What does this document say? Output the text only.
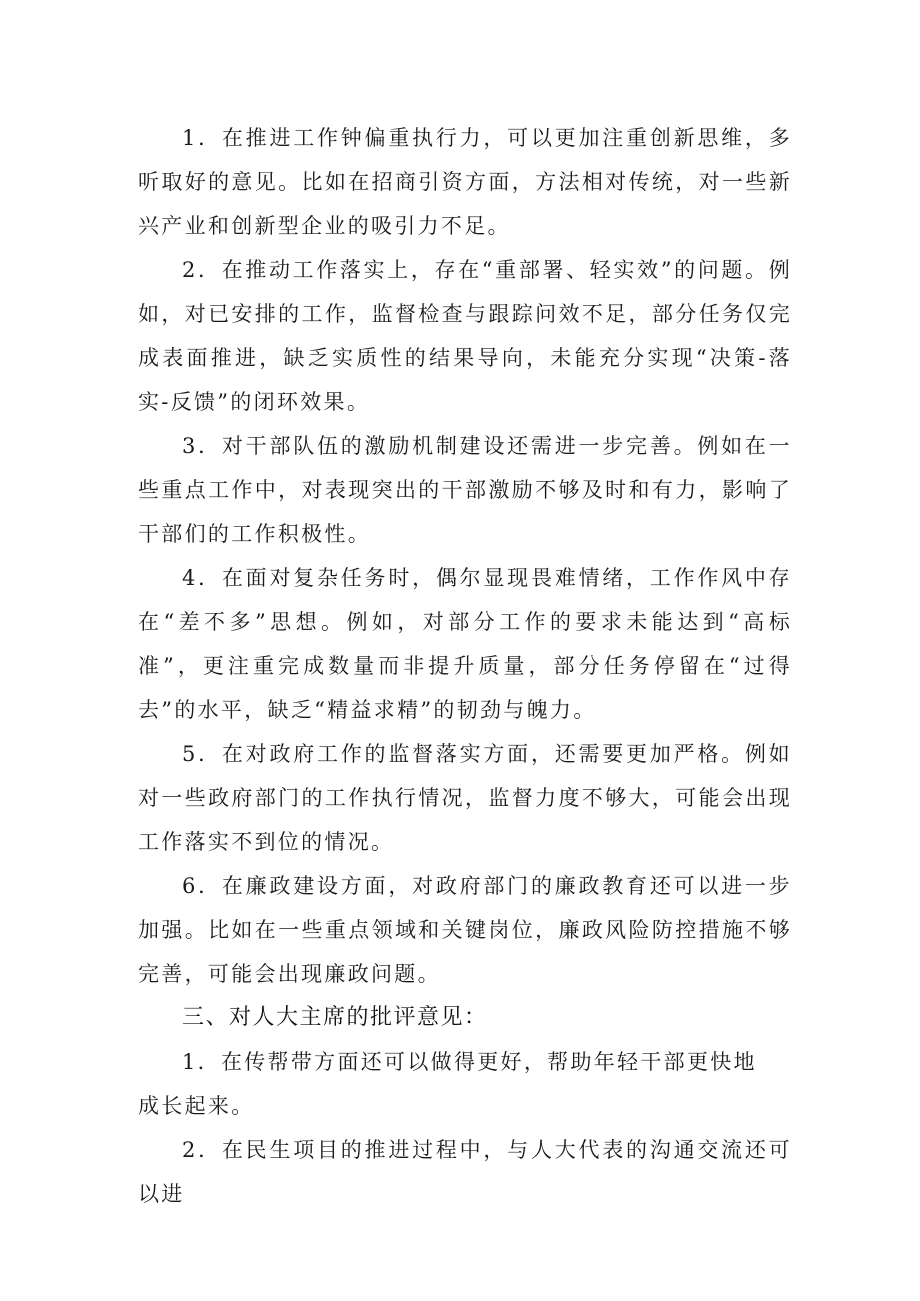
1．在推进工作钟偏重执行力，可以更加注重创新思维，多听取好的意见。比如在招商引资方面，方法相对传统，对一些新兴产业和创新型企业的吸引力不足。

2．在推动工作落实上，存在“重部署、轻实效”的问题。例如，对已安排的工作，监督检查与跟踪问效不足，部分任务仅完成表面推进，缺乏实质性的结果导向，未能充分实现“决策-落实-反馈”的闭环效果。

3．对干部队伍的激励机制建设还需进一步完善。例如在一些重点工作中，对表现突出的干部激励不够及时和有力，影响了干部们的工作积极性。

4．在面对复杂任务时，偶尔显现畏难情绪，工作作风中存在“差不多”思想。例如，对部分工作的要求未能达到“高标准”，更注重完成数量而非提升质量，部分任务停留在“过得去”的水平，缺乏“精益求精”的韧劲与魄力。

5．在对政府工作的监督落实方面，还需要更加严格。例如对一些政府部门的工作执行情况，监督力度不够大，可能会出现工作落实不到位的情况。

6．在廉政建设方面，对政府部门的廉政教育还可以进一步加强。比如在一些重点领域和关键岗位，廉政风险防控措施不够完善，可能会出现廉政问题。

三、对人大主席的批评意见：

1．在传帮带方面还可以做得更好，帮助年轻干部更快地

成长起来。

2．在民生项目的推进过程中，与人大代表的沟通交流还可以进
